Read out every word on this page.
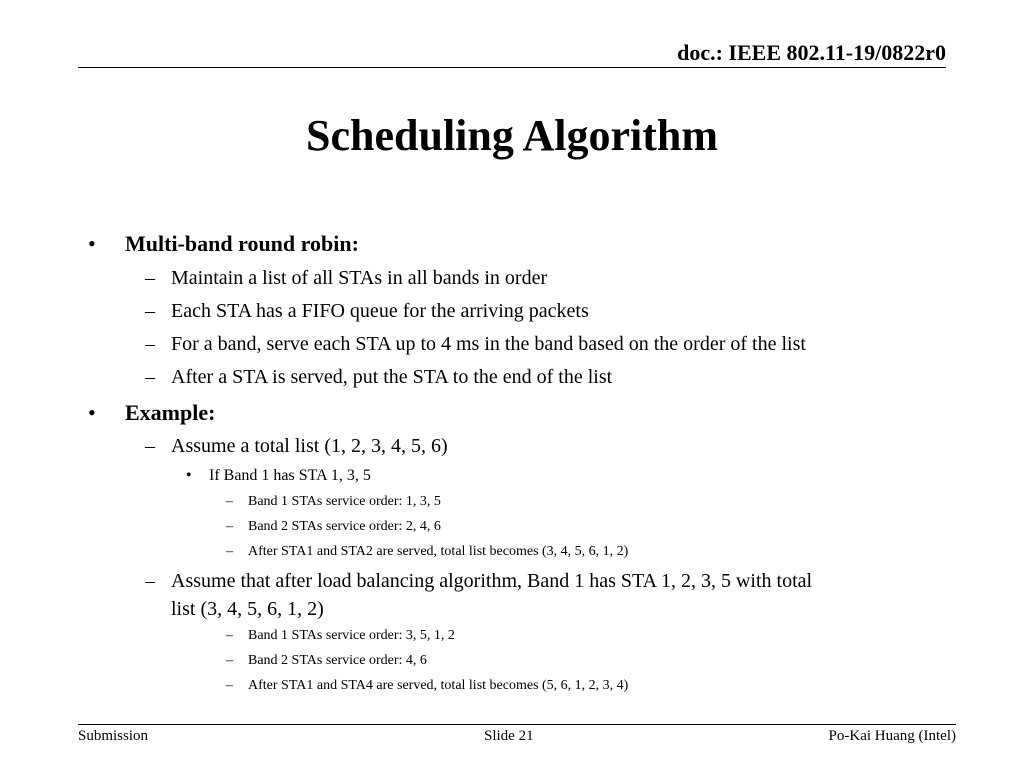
doc.: IEEE 802.11-19/0822r0
Scheduling Algorithm
• Multi-band round robin:
– Maintain a list of all STAs in all bands in order
– Each STA has a FIFO queue for the arriving packets
– For a band, serve each STA up to 4 ms in the band based on the order of the list
– After a STA is served, put the STA to the end of the list
• Example:
– Assume a total list (1, 2, 3, 4, 5, 6)
• If Band 1 has STA 1, 3, 5
– Band 1 STAs service order: 1, 3, 5
– Band 2 STAs service order: 2, 4, 6
– After STA1 and STA2 are served, total list becomes (3, 4, 5, 6, 1, 2)
– Assume that after load balancing algorithm, Band 1 has STA 1, 2, 3, 5 with total
list (3, 4, 5, 6, 1, 2)
– Band 1 STAs service order: 3, 5, 1, 2
– Band 2 STAs service order: 4, 6
– After STA1 and STA4 are served, total list becomes (5, 6, 1, 2, 3, 4)
Submission	Slide 21	Po-Kai Huang (Intel)
